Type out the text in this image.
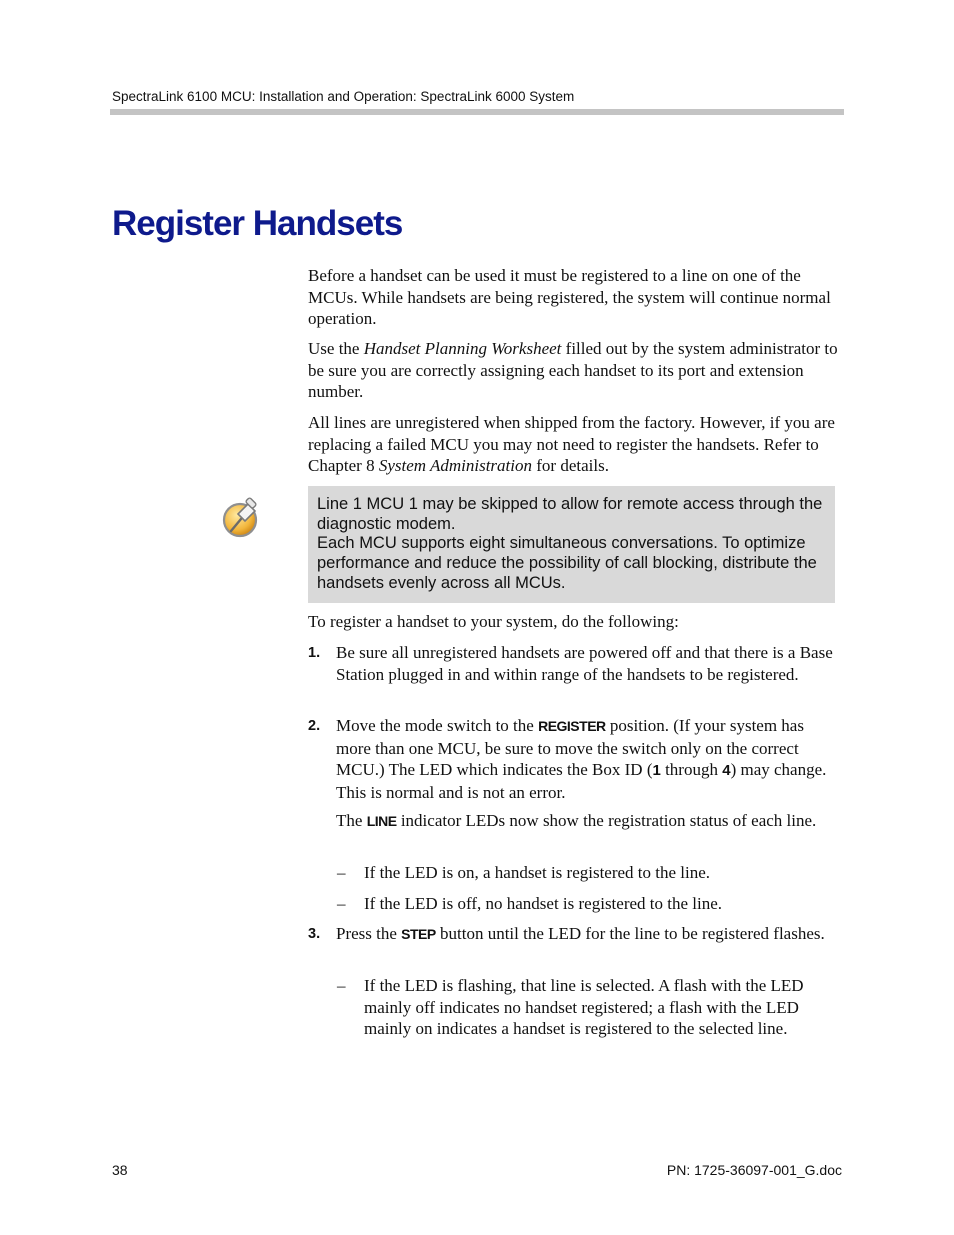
SpectraLink 6100 MCU: Installation and Operation: SpectraLink 6000 System
Register Handsets

Before a handset can be used it must be registered to a line on one of the MCUs. While handsets are being registered, the system will continue normal operation.

Use the Handset Planning Worksheet filled out by the system administrator to be sure you are correctly assigning each handset to its port and extension number.

All lines are unregistered when shipped from the factory. However, if you are replacing a failed MCU you may not need to register the handsets. Refer to Chapter 8 System Administration for details.

Line 1 MCU 1 may be skipped to allow for remote access through the diagnostic modem.

Each MCU supports eight simultaneous conversations. To optimize performance and reduce the possibility of call blocking, distribute the handsets evenly across all MCUs.

To register a handset to your system, do the following:

1. Be sure all unregistered handsets are powered off and that there is a Base Station plugged in and within range of the handsets to be registered.

2. Move the mode switch to the REGISTER position. (If your system has more than one MCU, be sure to move the switch only on the correct MCU.) The LED which indicates the Box ID (1 through 4) may change. This is normal and is not an error.

The LINE indicator LEDs now show the registration status of each line.

– If the LED is on, a handset is registered to the line.
– If the LED is off, no handset is registered to the line.
3. Press the STEP button until the LED for the line to be registered flashes.

– If the LED is flashing, that line is selected. A flash with the LED mainly off indicates no handset registered; a flash with the LED mainly on indicates a handset is registered to the selected line.
38	PN: 1725-36097-001_G.doc
